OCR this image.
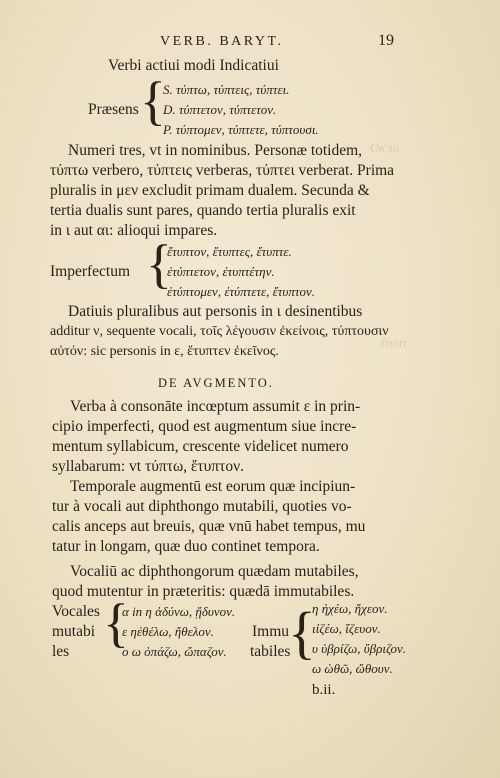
Oĸ τύ
ἔτυπτ
VERB. BARYT.	19
Verbi actiui modi Indicatiui
Præsens {
S. τύπτω, τύπτεις, τύπτει.
D. τύπτετον, τύπτετον.
P. τύπτομεν, τύπτετε, τύπτουσι.
Numeri tres, vt in nominibus. Personæ totidem,
τύπτω verbero, τύπτεις verberas, τύπτει verberat. Prima
pluralis in μεν excludit primam dualem. Secunda &
tertia dualis sunt pares, quando tertia pluralis exit
in ι aut αι: alioqui impares.
Imperfectum {
ἔτυπτον, ἔτυπτες, ἔτυπτε.
ἐτύπτετον, ἐτυπτέτην.
ἐτύπτομεν, ἐτύπτετε, ἔτυπτον.
Datiuis pluralibus aut personis in ι desinentibus
additur ν, sequente vocali, τοῖς λέγουσιν ἐκείνοις, τύπτουσιν
αὐτόν: sic personis in ε, ἔτυπτεν ἐκεῖνος.
DE AVGMENTO.
Verba à consonāte incœptum assumit ε in prin-
cipio imperfecti, quod est augmentum siue incre-
mentum syllabicum, crescente videlicet numero
syllabarum: vt τύπτω, ἔτυπτον.
Temporale augmentū est eorum quæ incipiun-
tur à vocali aut diphthongo mutabili, quoties vo-
calis anceps aut breuis, quæ vnū habet tempus, mu
tatur in longam, quæ duo continet tempora.
Vocaliū ac diphthongorum quædam mutabiles,
quod mutentur in præteritis: quædā immutabiles.
Vocales
mutabi
les {
α in η ἀδύνω, ᾔδυνον.
ε ηἐθέλω, ἤθελον.
ο ω ὀπάζω, ὤπαζον.
Immu
tabiles
{
η ἠχέω, ἤχεον.
ιἰζέω, ἴζευον.
υ ὑβρίζω, ὕβριζον.
ω ὠθῶ, ὤθουν.
b.ii.
